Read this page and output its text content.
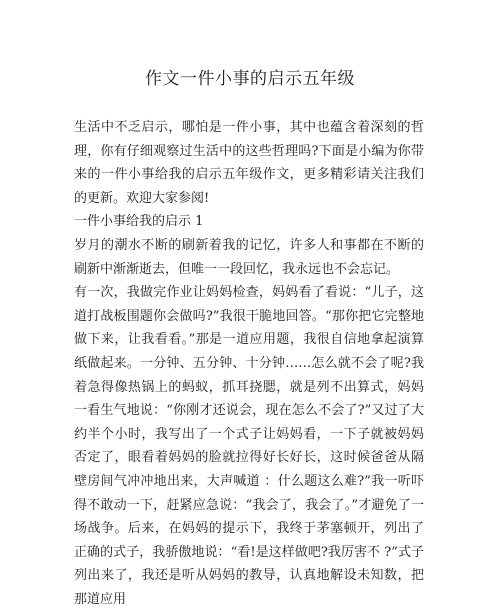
作文一件小事的启示五年级

生活中不乏启示，哪怕是一件小事，其中也蕴含着深刻的哲理，你有仔细观察过生活中的这些哲理吗?下面是小编为你带来的一件小事给我的启示五年级作文，更多精彩请关注我们的更新。欢迎大家参阅!

一件小事给我的启示 1

岁月的潮水不断的刷新着我的记忆，许多人和事都在不断的刷新中渐渐逝去，但唯一一段回忆，我永远也不会忘记。

有一次，我做完作业让妈妈检查，妈妈看了看说：“儿子，这道打战板围题你会做吗?”我很干脆地回答。“那你把它完整地做下来，让我看看。”那是一道应用题，我很自信地拿起演算纸做起来。一分钟、五分钟、十分钟……怎么就不会了呢?我着急得像热锅上的蚂蚁，抓耳挠腮，就是列不出算式，妈妈一看生气地说：“你刚才还说会，现在怎么不会了?”又过了大约半个小时，我写出了一个式子让妈妈看，一下子就被妈妈否定了，眼看着妈妈的脸就拉得好长好长，这时候爸爸从隔壁房间气冲冲地出来，大声喊道 ：什么题这么难?”我一听吓得不敢动一下，赶紧应急说：“我会了，我会了。”才避免了一场战争。后来，在妈妈的提示下，我终于茅塞顿开，列出了正确的式子，我骄傲地说：“看!是这样做吧?我厉害不 ?”式子列出来了，我还是听从妈妈的教导，认真地解设未知数，把那道应用
